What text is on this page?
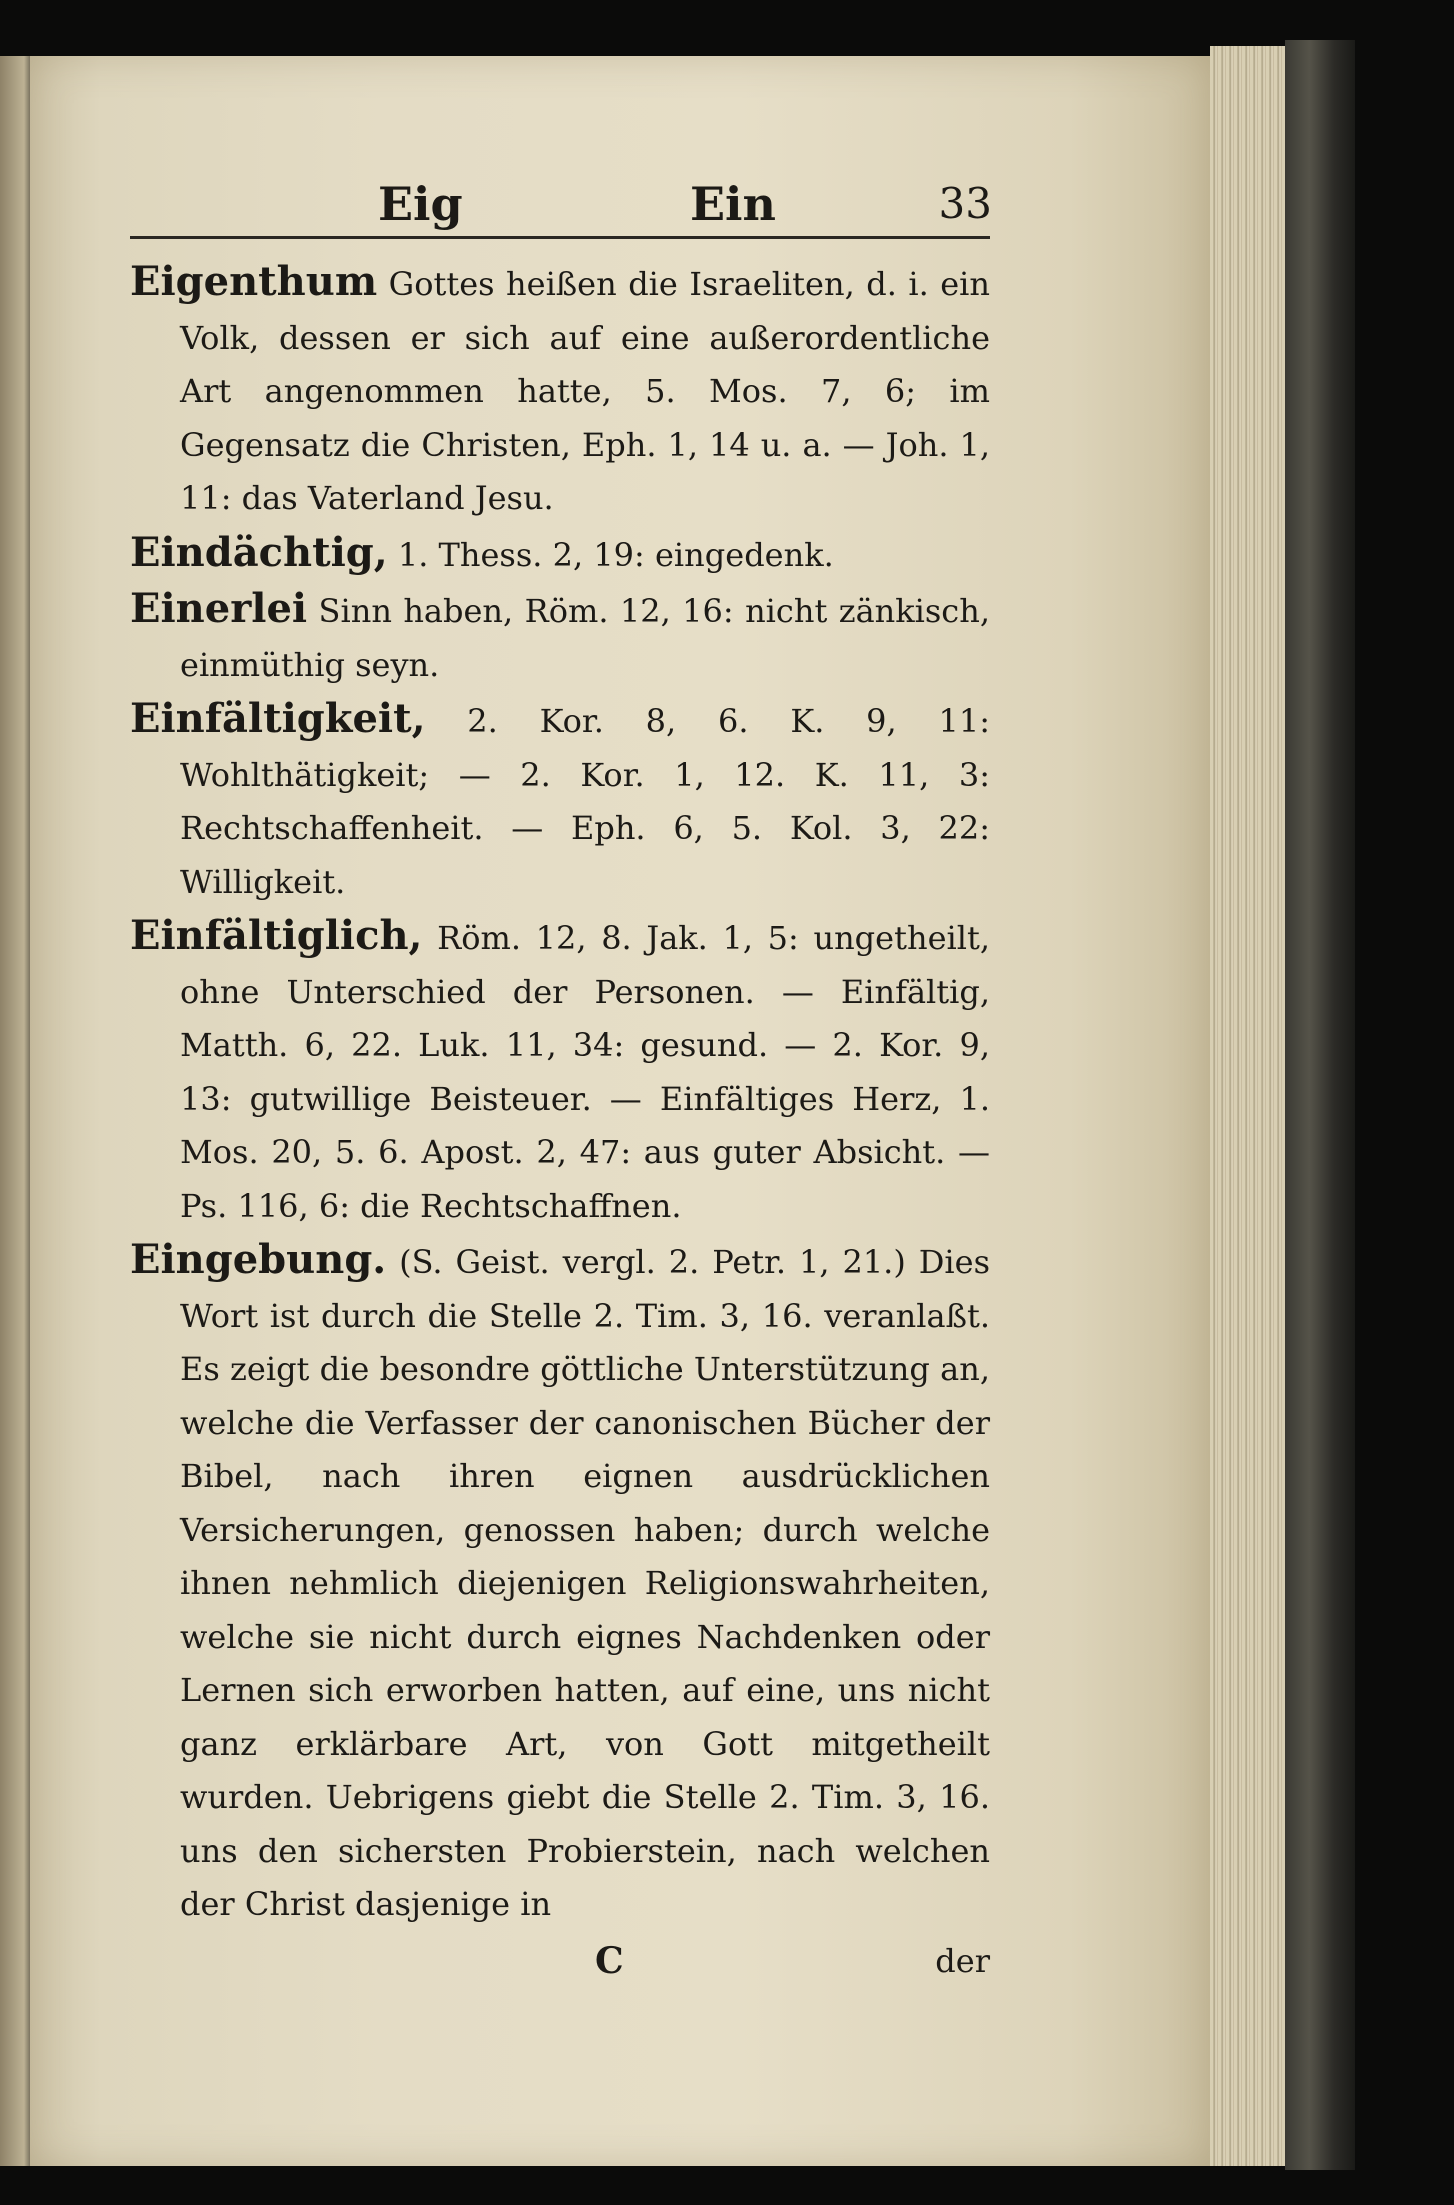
Eig	Ein	33

Eigenthum Gottes heißen die Israeliten, d. i. ein Volk, dessen er sich auf eine außerordentliche Art angenommen hatte, 5. Mos. 7, 6; im Gegensatz die Christen, Eph. 1, 14 u. a. — Joh. 1, 11: das Vaterland Jesu.

Eindächtig, 1. Thess. 2, 19: eingedenk.

Einerlei Sinn haben, Röm. 12, 16: nicht zänkisch, einmüthig seyn.

Einfältigkeit, 2. Kor. 8, 6. K. 9, 11: Wohlthätigkeit; — 2. Kor. 1, 12. K. 11, 3: Rechtschaffenheit. — Eph. 6, 5. Kol. 3, 22: Willigkeit.

Einfältiglich, Röm. 12, 8. Jak. 1, 5: ungetheilt, ohne Unterschied der Personen. — Einfältig, Matth. 6, 22. Luk. 11, 34: gesund. — 2. Kor. 9, 13: gutwillige Beisteuer. — Einfältiges Herz, 1. Mos. 20, 5. 6. Apost. 2, 47: aus guter Absicht. — Ps. 116, 6: die Rechtschaffnen.

Eingebung. (S. Geist. vergl. 2. Petr. 1, 21.) Dies Wort ist durch die Stelle 2. Tim. 3, 16. veranlaßt. Es zeigt die besondre göttliche Unterstützung an, welche die Verfasser der canonischen Bücher der Bibel, nach ihren eignen ausdrücklichen Versicherungen, genossen haben; durch welche ihnen nehmlich diejenigen Religionswahrheiten, welche sie nicht durch eignes Nachdenken oder Lernen sich erworben hatten, auf eine, uns nicht ganz erklärbare Art, von Gott mitgetheilt wurden. Uebrigens giebt die Stelle 2. Tim. 3, 16. uns den sichersten Probierstein, nach welchen der Christ dasjenige in

C	der
